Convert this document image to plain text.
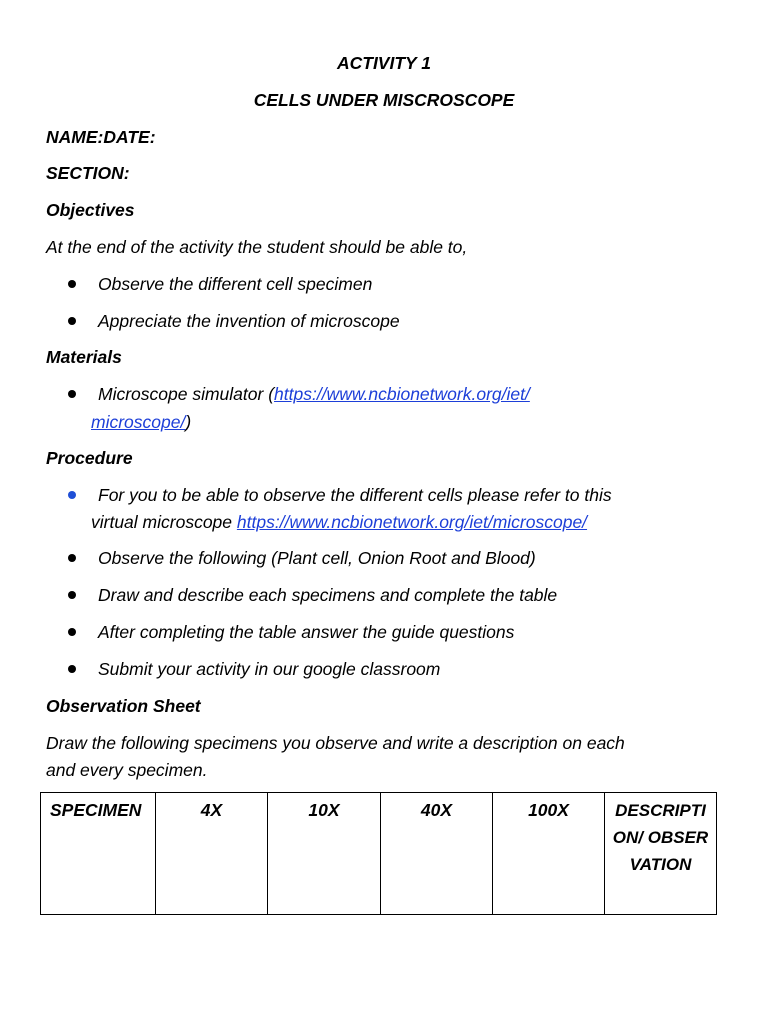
ACTIVITY 1
CELLS UNDER MISCROSCOPE
NAME:DATE:
SECTION:
Objectives
At the end of the activity the student should be able to,
Observe the different cell specimen
Appreciate the invention of microscope
Materials
Microscope simulator (https://www.ncbionetwork.org/iet/
microscope/)
Procedure
For you to be able to observe the different cells please refer to this
virtual microscope https://www.ncbionetwork.org/iet/microscope/
Observe the following (Plant cell, Onion Root and Blood)
Draw and describe each specimens and complete the table
After completing the table answer the guide questions
Submit your activity in our google classroom
Observation Sheet
Draw the following specimens you observe and write a description on each
and every specimen.
SPECIMEN	4X	10X	40X	100X	DESCRIPTION/ OBSERVATION
